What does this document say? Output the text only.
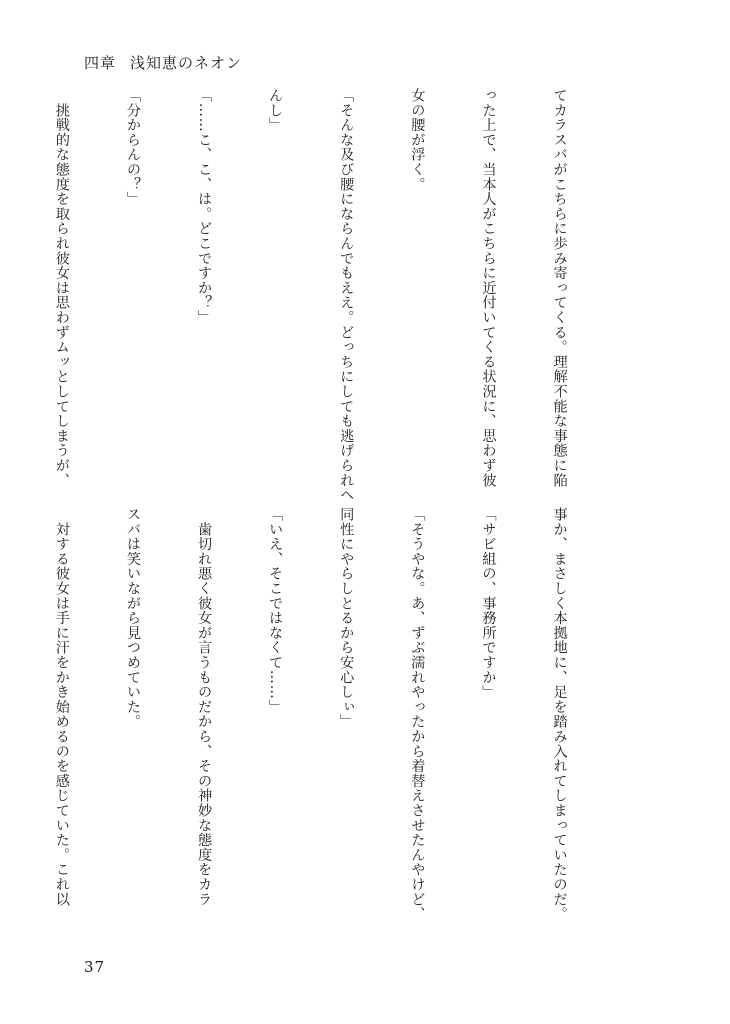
四章 浅知恵のネオン

てカラスバがこちらに歩み寄ってくる。理解不能な事態に陥

った上で、当本人がこちらに近付いてくる状況に、思わず彼

女の腰が浮く。

「そんな及び腰にならんでもええ。どっちにしても逃げられへ

んし」

「……こ、こ、は。どこですか？」

「分からんの？」

　挑戦的な態度を取られ彼女は思わずムッとしてしまうが、

事か、まさしく本拠地に、足を踏み入れてしまっていたのだ。

「サビ組の、事務所ですか」

「そうやな。あ、ずぶ濡れやったから着替えさせたんやけど、

同性にやらしとるから安心しぃ」

「いえ、そこではなくて……」

　歯切れ悪く彼女が言うものだから、その神妙な態度をカラ

スバは笑いながら見つめていた。

　対する彼女は手に汗をかき始めるのを感じていた。これ以

37
